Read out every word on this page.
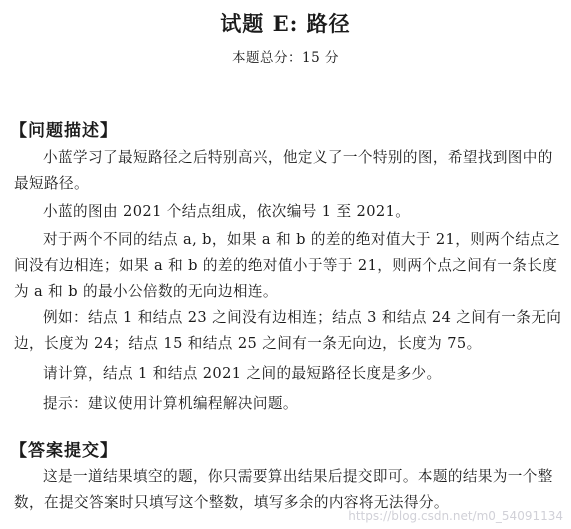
试题 E: 路径
本题总分：15 分
【问题描述】
小蓝学习了最短路径之后特别高兴，他定义了一个特别的图，希望找到图中的最短路径。
小蓝的图由 2021 个结点组成，依次编号 1 至 2021。
对于两个不同的结点 a, b，如果 a 和 b 的差的绝对值大于 21，则两个结点之间没有边相连；如果 a 和 b 的差的绝对值小于等于 21，则两个点之间有一条长度为 a 和 b 的最小公倍数的无向边相连。
例如：结点 1 和结点 23 之间没有边相连；结点 3 和结点 24 之间有一条无向边，长度为 24；结点 15 和结点 25 之间有一条无向边，长度为 75。
请计算，结点 1 和结点 2021 之间的最短路径长度是多少。
提示：建议使用计算机编程解决问题。
【答案提交】
这是一道结果填空的题，你只需要算出结果后提交即可。本题的结果为一个整数，在提交答案时只填写这个整数，填写多余的内容将无法得分。
https://blog.csdn.net/m0_54091134
